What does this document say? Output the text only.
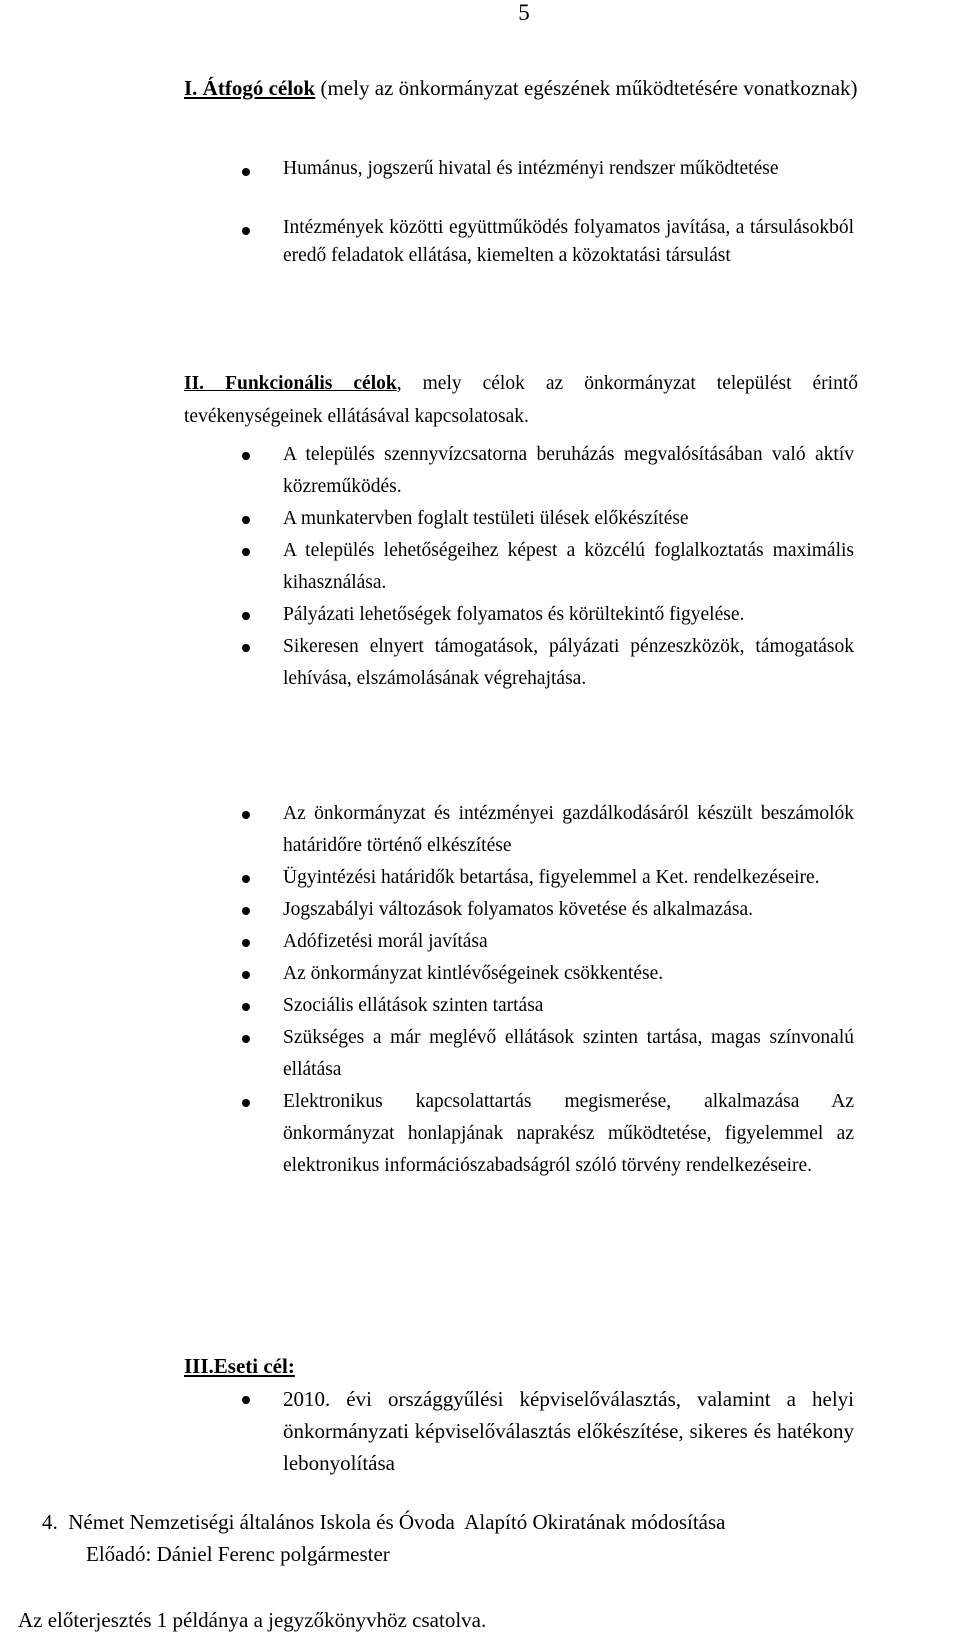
5
I. Átfogó célok (mely az önkormányzat egészének működtetésére vonatkoznak)
Humánus, jogszerű hivatal és intézményi rendszer működtetése
Intézmények közötti együttműködés folyamatos javítása, a társulásokból eredő feladatok ellátása, kiemelten a közoktatási társulást
II. Funkcionális célok, mely célok az önkormányzat települést érintő tevékenységeinek ellátásával kapcsolatosak.
A település szennyvízcsatorna beruházás megvalósításában való aktív közreműködés.
A munkatervben foglalt testületi ülések előkészítése
A település lehetőségeihez képest a közcélú foglalkoztatás maximális kihasználása.
Pályázati lehetőségek folyamatos és körültekintő figyelése.
Sikeresen elnyert támogatások, pályázati pénzeszközök, támogatások lehívása, elszámolásának végrehajtása.
Az önkormányzat és intézményei gazdálkodásáról készült beszámolók határidőre történő elkészítése
Ügyintézési határidők betartása, figyelemmel a Ket. rendelkezéseire.
Jogszabályi változások folyamatos követése és alkalmazása.
Adófizetési morál javítása
Az önkormányzat kintlévőségeinek csökkentése.
Szociális ellátások szinten tartása
Szükséges a már meglévő ellátások szinten tartása, magas színvonalú ellátása
Elektronikus kapcsolattartás megismerése, alkalmazása Az önkormányzat honlapjának naprakész működtetése, figyelemmel az elektronikus információszabadságról szóló törvény rendelkezéseire.
III.Eseti cél:
2010. évi országgyűlési képviselőválasztás, valamint a helyi önkormányzati képviselőválasztás előkészítése, sikeres és hatékony lebonyolítása
4. Német Nemzetiségi általános Iskola és Óvoda  Alapító Okiratának módosítása
Előadó: Dániel Ferenc polgármester
Az előterjesztés 1 példánya a jegyzőkönyvhöz csatolva.
